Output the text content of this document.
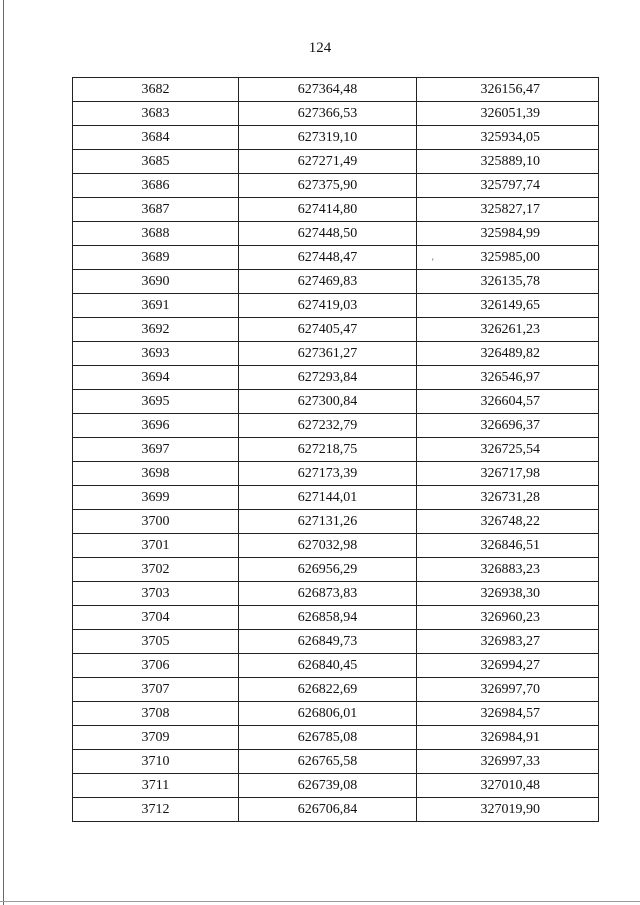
124
'
3682	627364,48	326156,47
3683	627366,53	326051,39
3684	627319,10	325934,05
3685	627271,49	325889,10
3686	627375,90	325797,74
3687	627414,80	325827,17
3688	627448,50	325984,99
3689	627448,47	325985,00
3690	627469,83	326135,78
3691	627419,03	326149,65
3692	627405,47	326261,23
3693	627361,27	326489,82
3694	627293,84	326546,97
3695	627300,84	326604,57
3696	627232,79	326696,37
3697	627218,75	326725,54
3698	627173,39	326717,98
3699	627144,01	326731,28
3700	627131,26	326748,22
3701	627032,98	326846,51
3702	626956,29	326883,23
3703	626873,83	326938,30
3704	626858,94	326960,23
3705	626849,73	326983,27
3706	626840,45	326994,27
3707	626822,69	326997,70
3708	626806,01	326984,57
3709	626785,08	326984,91
3710	626765,58	326997,33
3711	626739,08	327010,48
3712	626706,84	327019,90
